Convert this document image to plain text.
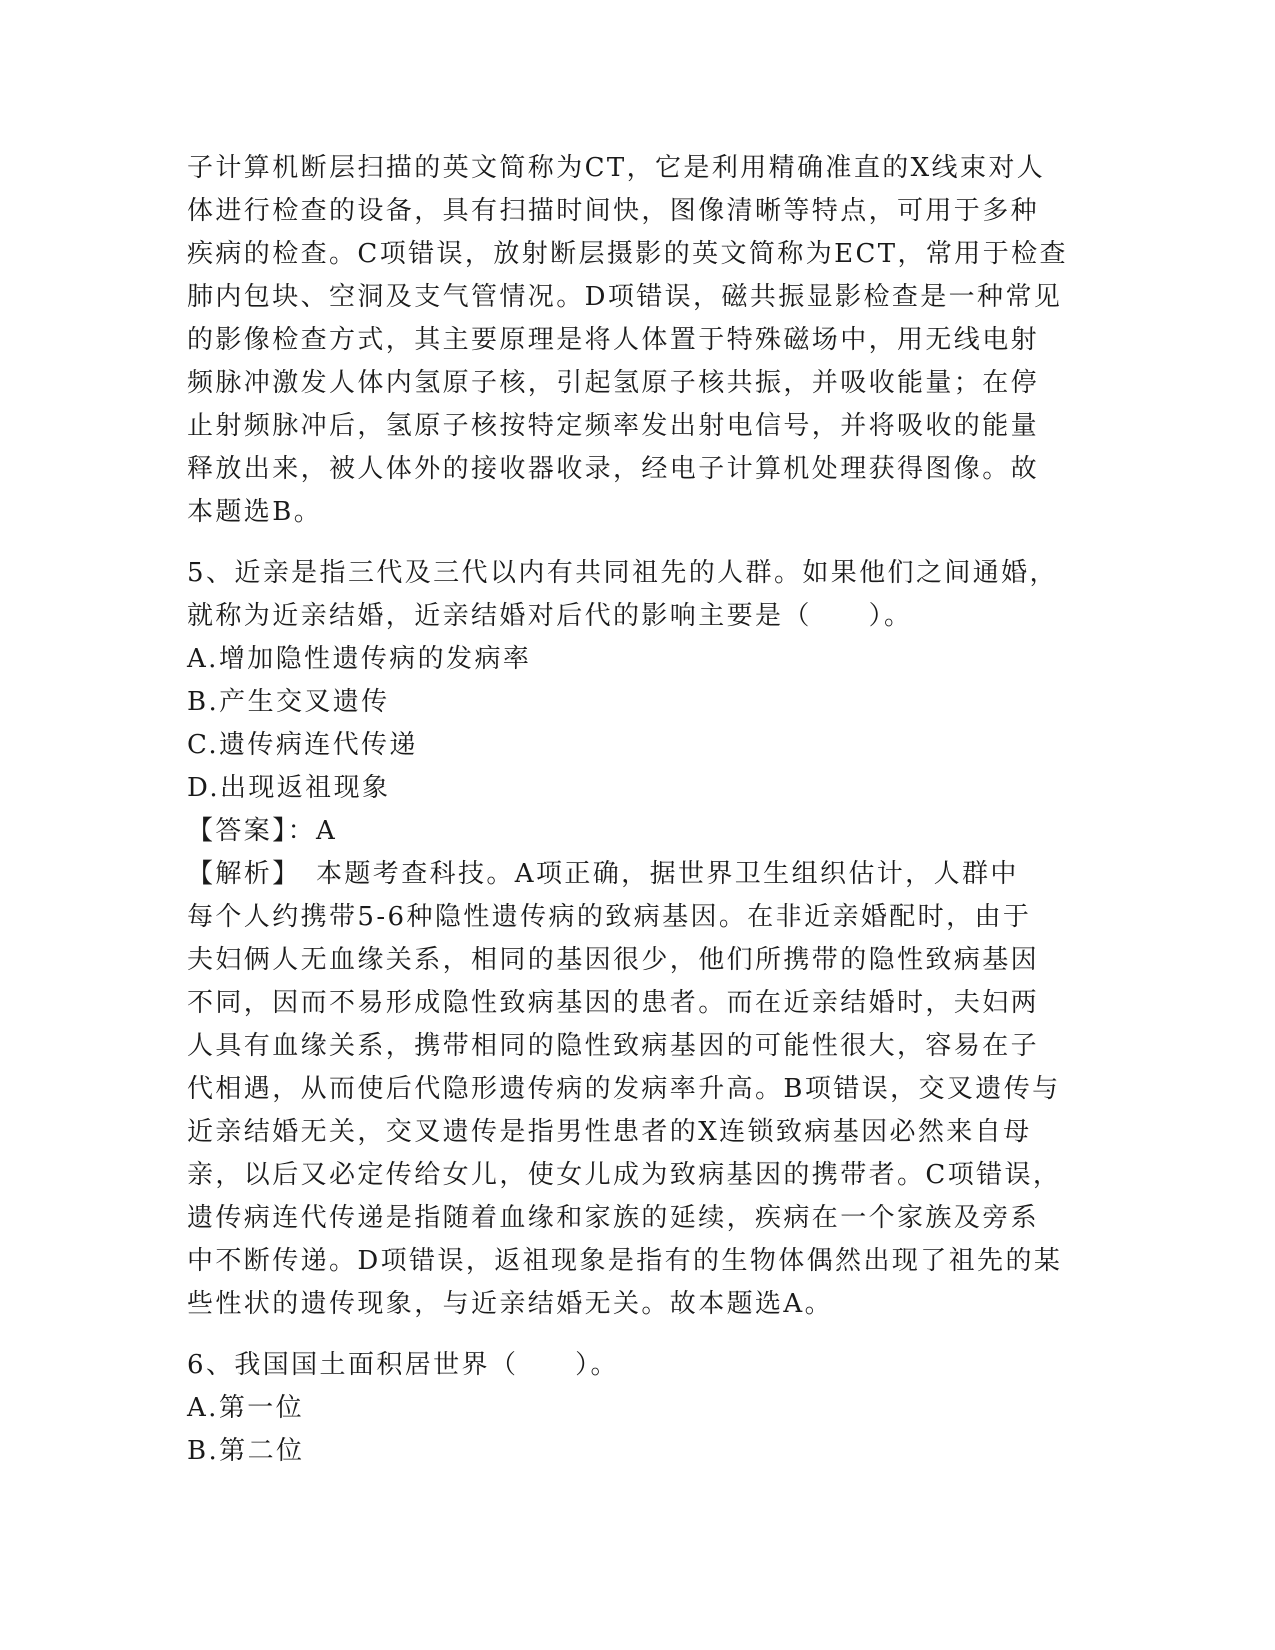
子计算机断层扫描的英文简称为CT，它是利用精确准直的X线束对人
体进行检查的设备，具有扫描时间快，图像清晰等特点，可用于多种
疾病的检查。C项错误，放射断层摄影的英文简称为ECT，常用于检查
肺内包块、空洞及支气管情况。D项错误，磁共振显影检查是一种常见
的影像检查方式，其主要原理是将人体置于特殊磁场中，用无线电射
频脉冲激发人体内氢原子核，引起氢原子核共振，并吸收能量；在停
止射频脉冲后，氢原子核按特定频率发出射电信号，并将吸收的能量
释放出来，被人体外的接收器收录，经电子计算机处理获得图像。故
本题选B。
5、近亲是指三代及三代以内有共同祖先的人群。如果他们之间通婚，
就称为近亲结婚，近亲结婚对后代的影响主要是（　　）。
A.增加隐性遗传病的发病率
B.产生交叉遗传
C.遗传病连代传递
D.出现返祖现象
【答案】：A
【解析】　本题考查科技。A项正确，据世界卫生组织估计，人群中
每个人约携带5-6种隐性遗传病的致病基因。在非近亲婚配时，由于
夫妇俩人无血缘关系，相同的基因很少，他们所携带的隐性致病基因
不同，因而不易形成隐性致病基因的患者。而在近亲结婚时，夫妇两
人具有血缘关系，携带相同的隐性致病基因的可能性很大，容易在子
代相遇，从而使后代隐形遗传病的发病率升高。B项错误，交叉遗传与
近亲结婚无关，交叉遗传是指男性患者的X连锁致病基因必然来自母
亲，以后又必定传给女儿，使女儿成为致病基因的携带者。C项错误，
遗传病连代传递是指随着血缘和家族的延续，疾病在一个家族及旁系
中不断传递。D项错误，返祖现象是指有的生物体偶然出现了祖先的某
些性状的遗传现象，与近亲结婚无关。故本题选A。
6、我国国土面积居世界（　　）。
A.第一位
B.第二位
